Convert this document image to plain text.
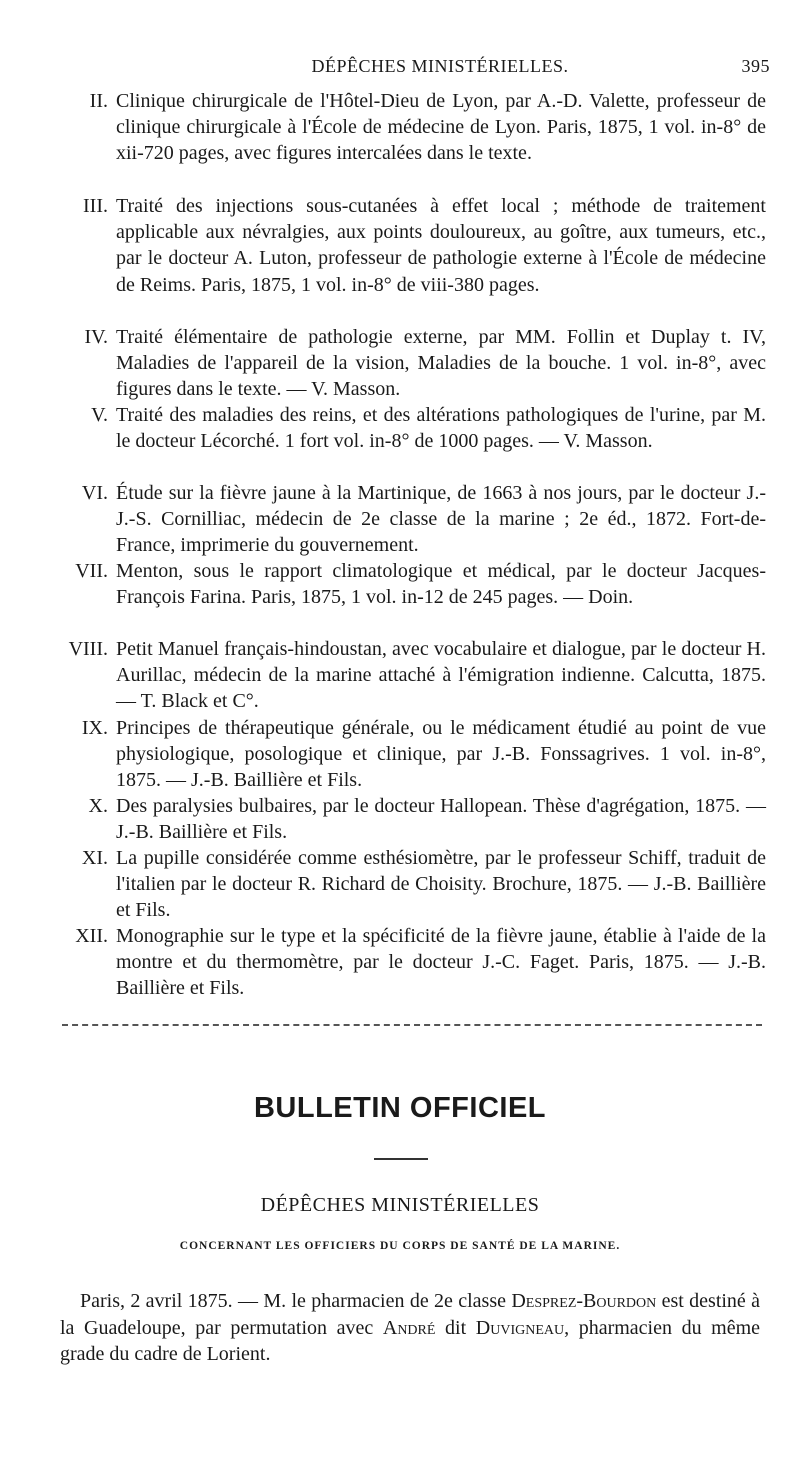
DÉPÊCHES MINISTÉRIELLES.	395
II. Clinique chirurgicale de l'Hôtel-Dieu de Lyon, par A.-D. Valette, professeur de clinique chirurgicale à l'École de médecine de Lyon. Paris, 1875, 1 vol. in-8° de xii-720 pages, avec figures intercalées dans le texte.
III. Traité des injections sous-cutanées à effet local ; méthode de traitement applicable aux névralgies, aux points douloureux, au goître, aux tumeurs, etc., par le docteur A. Luton, professeur de pathologie externe à l'École de médecine de Reims. Paris, 1875, 1 vol. in-8° de viii-380 pages.
IV. Traité élémentaire de pathologie externe, par MM. Follin et Duplay t. IV, Maladies de l'appareil de la vision, Maladies de la bouche. 1 vol. in-8°, avec figures dans le texte. — V. Masson.
V. Traité des maladies des reins, et des altérations pathologiques de l'urine, par M. le docteur Lécorché. 1 fort vol. in-8° de 1000 pages. — V. Masson.
VI. Étude sur la fièvre jaune à la Martinique, de 1663 à nos jours, par le docteur J.-J.-S. Cornilliac, médecin de 2e classe de la marine ; 2e éd., 1872. Fort-de-France, imprimerie du gouvernement.
VII. Menton, sous le rapport climatologique et médical, par le docteur Jacques-François Farina. Paris, 1875, 1 vol. in-12 de 245 pages. — Doin.
VIII. Petit Manuel français-hindoustan, avec vocabulaire et dialogue, par le docteur H. Aurillac, médecin de la marine attaché à l'émigration indienne. Calcutta, 1875. — T. Black et C°.
IX. Principes de thérapeutique générale, ou le médicament étudié au point de vue physiologique, posologique et clinique, par J.-B. Fonssagrives. 1 vol. in-8°, 1875. — J.-B. Baillière et Fils.
X. Des paralysies bulbaires, par le docteur Hallopean. Thèse d'agrégation, 1875. — J.-B. Baillière et Fils.
XI. La pupille considérée comme esthésiomètre, par le professeur Schiff, traduit de l'italien par le docteur R. Richard de Choisity. Brochure, 1875. — J.-B. Baillière et Fils.
XII. Monographie sur le type et la spécificité de la fièvre jaune, établie à l'aide de la montre et du thermomètre, par le docteur J.-C. Faget. Paris, 1875. — J.-B. Baillière et Fils.
BULLETIN OFFICIEL
DÉPÊCHES MINISTÉRIELLES
CONCERNANT LES OFFICIERS DU CORPS DE SANTÉ DE LA MARINE.
Paris, 2 avril 1875. — M. le pharmacien de 2e classe Desprez-Bourdon est destiné à la Guadeloupe, par permutation avec André dit Duvigneau, pharmacien du même grade du cadre de Lorient.
